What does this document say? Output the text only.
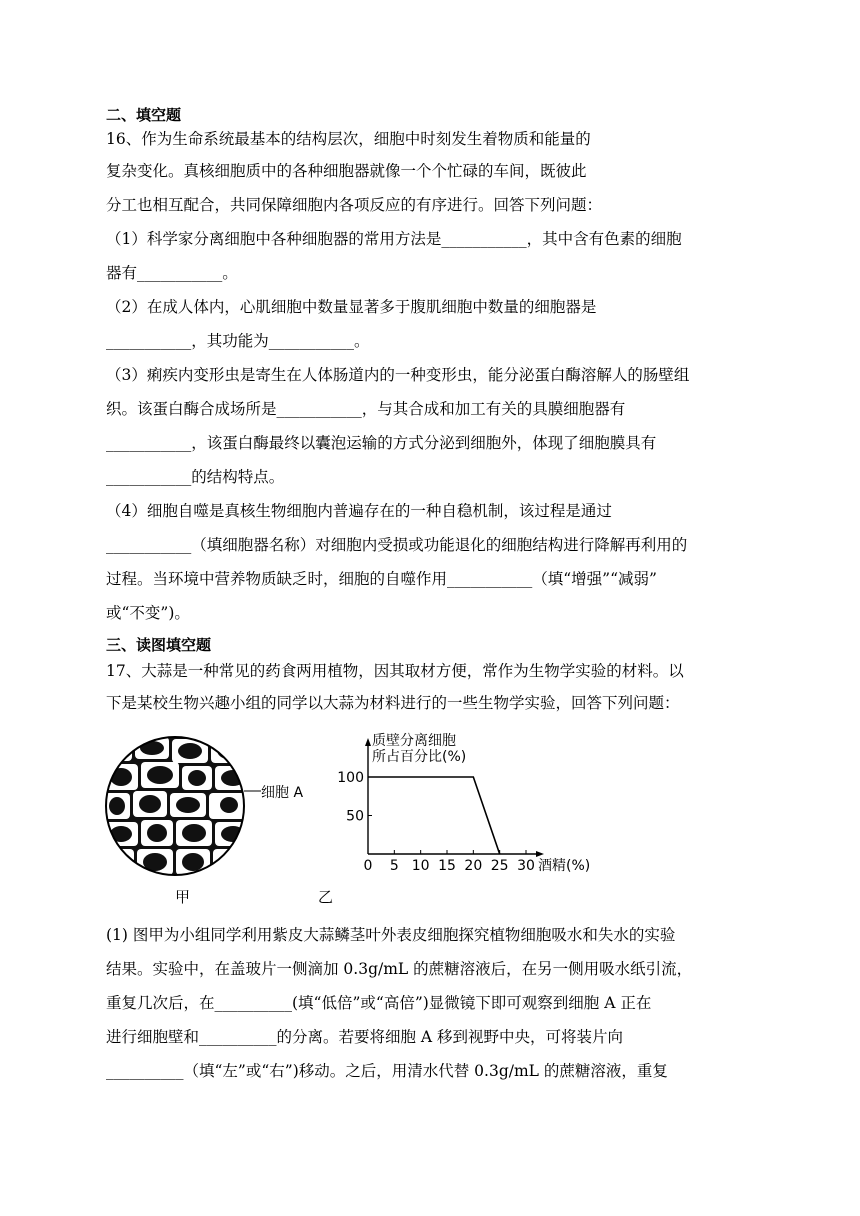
二、填空题
16、作为生命系统最基本的结构层次，细胞中时刻发生着物质和能量的
复杂变化。真核细胞质中的各种细胞器就像一个个忙碌的车间，既彼此
分工也相互配合，共同保障细胞内各项反应的有序进行。回答下列问题：
（1）科学家分离细胞中各种细胞器的常用方法是___________，其中含有色素的细胞
器有___________。
（2）在成人体内，心肌细胞中数量显著多于腹肌细胞中数量的细胞器是
___________，其功能为___________。
（3）痢疾内变形虫是寄生在人体肠道内的一种变形虫，能分泌蛋白酶溶解人的肠壁组
织。该蛋白酶合成场所是___________，与其合成和加工有关的具膜细胞器有
___________，该蛋白酶最终以囊泡运输的方式分泌到细胞外，体现了细胞膜具有
___________的结构特点。
（4）细胞自噬是真核生物细胞内普遍存在的一种自稳机制，该过程是通过
___________（填细胞器名称）对细胞内受损或功能退化的细胞结构进行降解再利用的
过程。当环境中营养物质缺乏时，细胞的自噬作用___________（填“增强”“减弱”
或“不变”)。
三、读图填空题
17、大蒜是一种常见的药食两用植物，因其取材方便，常作为生物学实验的材料。以
下是某校生物兴趣小组的同学以大蒜为材料进行的一些生物学实验，回答下列问题：
细胞 A
甲
质壁分离细胞
所占百分比(%)
0 5 10 15 20 25 30
100
50
酒精(%)
乙
(1) 图甲为小组同学利用紫皮大蒜鳞茎叶外表皮细胞探究植物细胞吸水和失水的实验
结果。实验中，在盖玻片一侧滴加 0.3g/mL 的蔗糖溶液后，在另一侧用吸水纸引流，
重复几次后，在__________(填“低倍”或“高倍”)显微镜下即可观察到细胞 A 正在
进行细胞壁和__________的分离。若要将细胞 A 移到视野中央，可将装片向
__________（填“左”或“右”)移动。之后，用清水代替 0.3g/mL 的蔗糖溶液，重复
